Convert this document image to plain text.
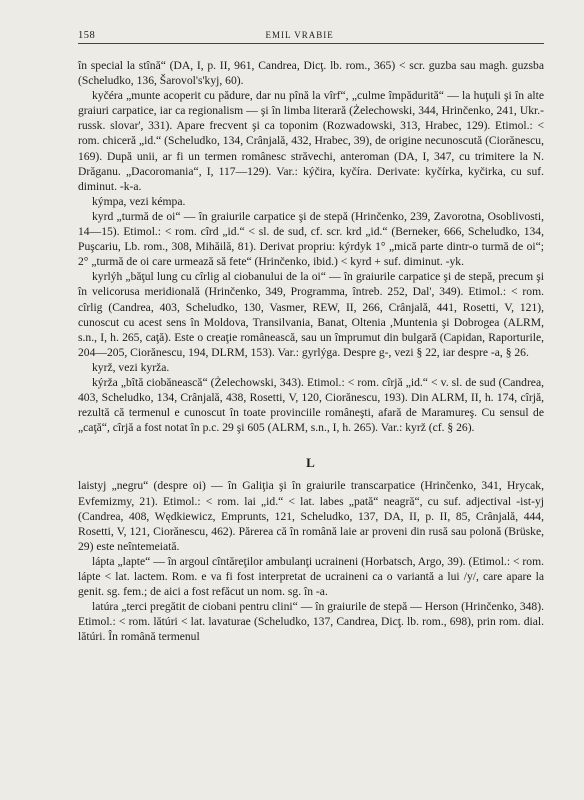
158	EMIL VRABIE

în special la stînă“ (DA, I, p. II, 961, Candrea, Dicţ. lb. rom., 365) < scr. guzba sau magh. guzsba (Scheludko, 136, Šarovol's'kyj, 60).

kyčéra „munte acoperit cu pădure, dar nu pînă la vîrf“, „culme împădurită“ — la huţuli şi în alte graiuri carpatice, iar ca regionalism — şi în limba literară (Żelechowski, 344, Hrinčenko, 241, Ukr.-russk. slovar', 331). Apare frecvent şi ca toponim (Rozwadowski, 313, Hrabec, 129). Etimol.: < rom. chiceră „id.“ (Scheludko, 134, Crânjală, 432, Hrabec, 39), de origine necunoscută (Ciorănescu, 169). După unii, ar fi un termen românesc străvechi, anteroman (DA, I, 347, cu trimitere la N. Drăganu. „Dacoromania“, I, 117—129). Var.: kýčira, kyčíra. Derivate: kyčírka, kyčirka, cu suf. diminut. -k-a.

kýmpa, vezi kémpa.

kyrd „turmă de oi“ — în graiurile carpatice şi de stepă (Hrinčenko, 239, Zavorotna, Osoblivosti, 14—15). Etimol.: < rom. cîrd „id.“ < sl. de sud, cf. scr. krd „id.“ (Berneker, 666, Scheludko, 134, Puşcariu, Lb. rom., 308, Mihăilă, 81). Derivat propriu: kýrdyk 1° „mică parte dintr-o turmă de oi“; 2° „turmă de oi care urmează să fete“ (Hrinčenko, ibid.) < kyrd + suf. diminut. -yk.

kyrlýh „băţul lung cu cîrlig al ciobanului de la oi“ — în graiurile carpatice şi de stepă, precum şi în velicorusa meridională (Hrinčenko, 349, Programma, întreb. 252, Dal', 349). Etimol.: < rom. cîrlig (Candrea, 403, Scheludko, 130, Vasmer, REW, II, 266, Crânjală, 441, Rosetti, V, 121), cunoscut cu acest sens în Moldova, Transilvania, Banat, Oltenia ,Muntenia şi Dobrogea (ALRM, s.n., I, h. 265, caţă). Este o creaţie românească, sau un împrumut din bulgară (Capidan, Raporturile, 204—205, Ciorănescu, 194, DLRM, 153). Var.: gyrlýga. Despre g-, vezi § 22, iar despre -a, § 26.

kyrž, vezi kyrža.

kýrža „bîtă ciobănească“ (Żelechowski, 343). Etimol.: < rom. cîrjă „id.“ < v. sl. de sud (Candrea, 403, Scheludko, 134, Crânjală, 438, Rosetti, V, 120, Ciorănescu, 193). Din ALRM, II, h. 174, cîrjă, rezultă că termenul e cunoscut în toate provinciile româneşti, afară de Maramureş. Cu sensul de „caţă“, cîrjă a fost notat în p.c. 29 şi 605 (ALRM, s.n., I, h. 265). Var.: kyrž (cf. § 26).

L

laistyj „negru“ (despre oi) — în Galiţia şi în graiurile transcarpatice (Hrinčenko, 341, Hrycak, Evfemizmy, 21). Etimol.: < rom. lai „id.“ < lat. labes „pată“ neagră“, cu suf. adjectival -ist-yj (Candrea, 408, Wędkiewicz, Emprunts, 121, Scheludko, 137, DA, II, p. II, 85, Crânjală, 444, Rosetti, V, 121, Ciorănescu, 462). Părerea că în română laie ar proveni din rusă sau polonă (Brüske, 29) este neîntemeiată.

lápta „lapte“ — în argoul cîntăreţilor ambulanţi ucraineni (Horbatsch, Argo, 39). (Etimol.: < rom. lápte < lat. lactem. Rom. e va fi fost interpretat de ucraineni ca o variantă a lui /y/, care apare la genit. sg. fem.; de aici a fost refăcut un nom. sg. în -a.

latúra „terci pregătit de ciobani pentru clini“ — în graiurile de stepă — Herson (Hrinčenko, 348). Etimol.: < rom. lătúri < lat. lavaturae (Scheludko, 137, Candrea, Dicţ. lb. rom., 698), prin rom. dial. lătúri. În română termenul
